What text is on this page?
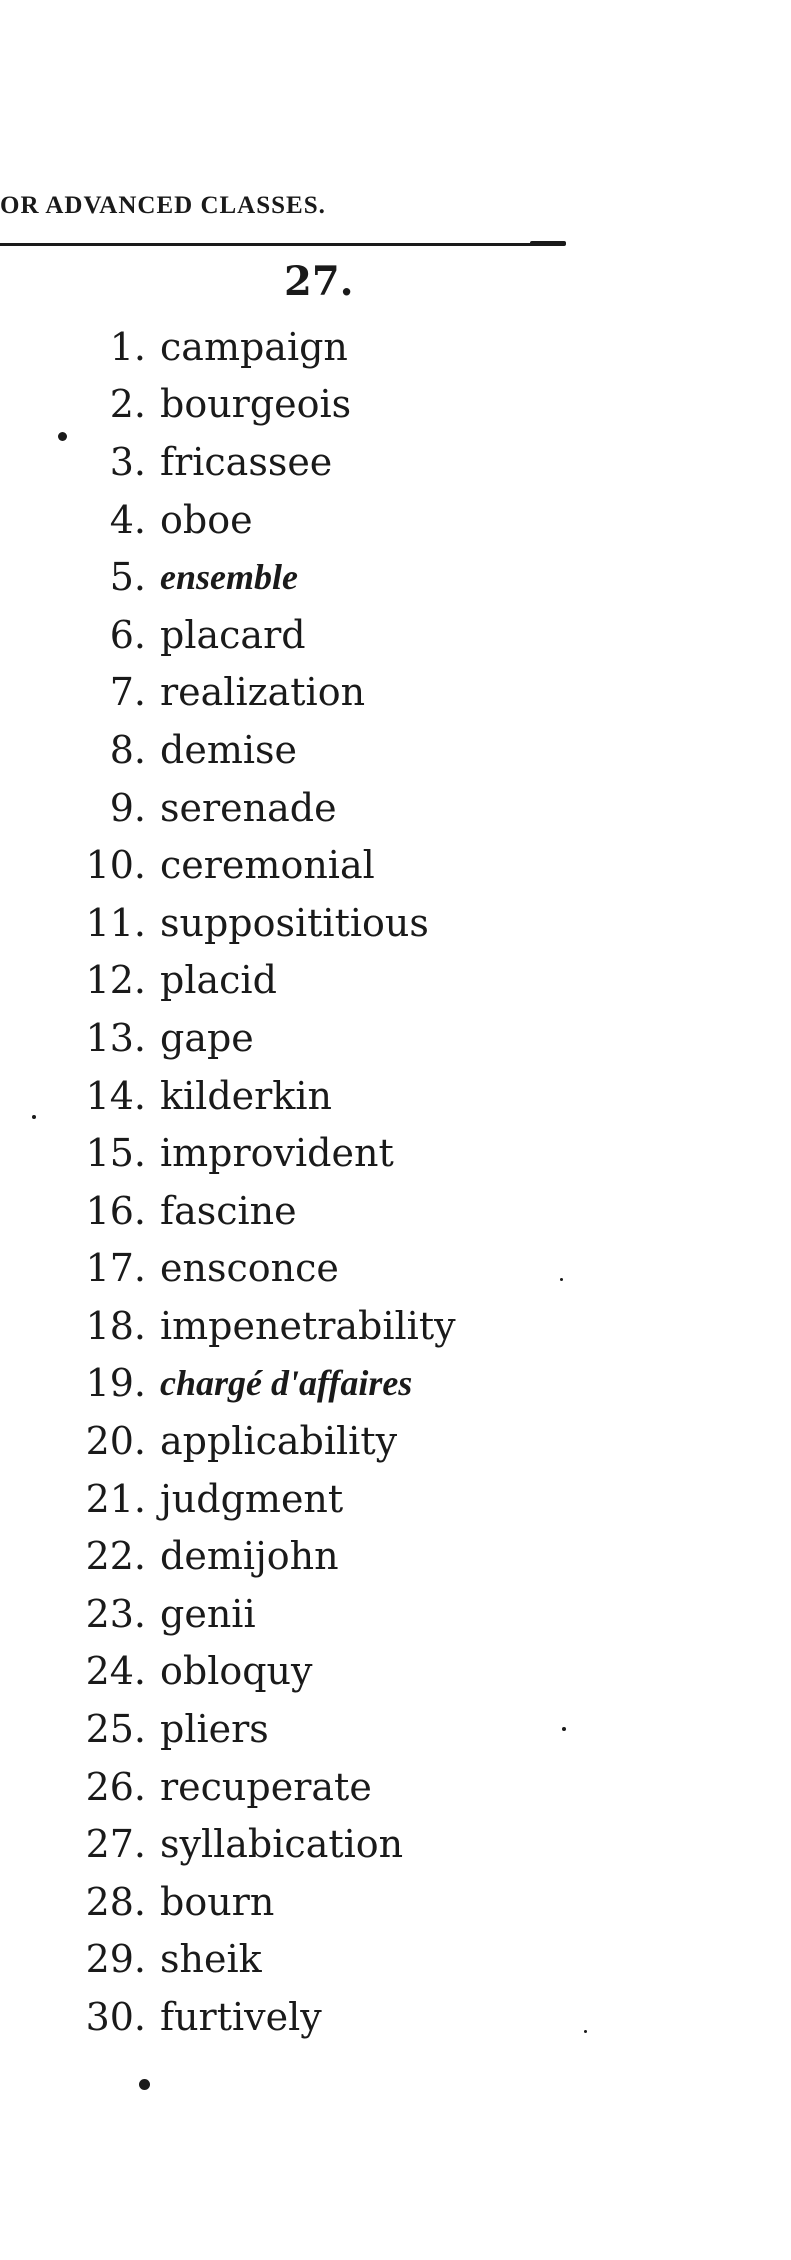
OR ADVANCED CLASSES.
27.
1. campaign
2. bourgeois
3. fricassee
4. oboe
5. ensemble
6. placard
7. realization
8. demise
9. serenade
10. ceremonial
11. supposititious
12. placid
13. gape
14. kilderkin
15. improvident
16. fascine
17. ensconce
18. impenetrability
19. chargé d'affaires
20. applicability
21. judgment
22. demijohn
23. genii
24. obloquy
25. pliers
26. recuperate
27. syllabication
28. bourn
29. sheik
30. furtively
